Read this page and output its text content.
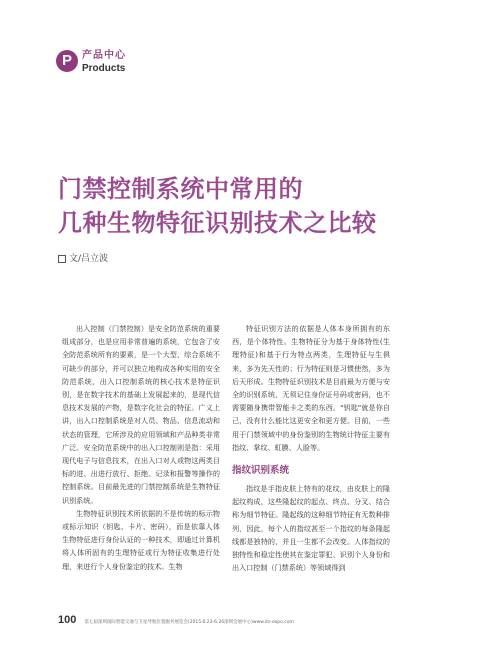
P	产品中心
Products
门禁控制系统中常用的
几种生物特征识别技术之比较
文/吕立波

出入控制（门禁控制）是安全防范系统的重要组成部分，也是应用非常普遍的系统，它包含了安全防范系统所有的要素，是一个大型、综合系统不可缺少的部分，并可以独立地构成各种实用的安全防范系统，出入口控制系统的核心技术是特征识别，是在数字技术的基础上发展起来的，是现代信息技术发展的产物，是数字化社会的特征。广义上讲，出入口控制系统是对人员、物品、信息流动和状态的管理，它所涉及的应用领域和产品种类非常广泛。安全防范系统中的出入口控制则是指：采用现代电子与信息技术，在出入口对人或物这两类目标的进、出进行放行、拒绝、记录和报警等操作的控制系统。目前最先进的门禁控制系统是生物特征识别系统。

生物特征识别技术所依据的不是传统的标示物或标示知识（钥匙、卡片、密码），而是依靠人体生物特征进行身份认证的一种技术，即通过计算机将人体所固有的生理特征或行为特征收集进行处理，来进行个人身份鉴定的技术。生物

特征识别方法的依据是人体本身所拥有的东西，是个体特性。生物特征分为基于身体特性(生理特征)和基于行为特点两类，生理特征与生俱来，多为先天性的；行为特征则是习惯使然，多为后天形成。生物特征识别技术是目前最为方便与安全的识别系统，无须记住身份证号码或密码，也不需要随身携带智能卡之类的东西。"钥匙"就是你自己，没有什么能比这更安全和更方便。目前，一些用于门禁领域中的身份鉴别的生物统计特征主要有指纹、掌纹、虹膜、人脸等。

指纹识别系统

指纹是手指皮肤上特有的花纹，由皮肤上的隆起纹构成，这些隆起纹的起点、终点、分叉、结合称为细节特征。隆起线的这种细节特征有无数种排列，因此，每个人的指纹甚至一个指纹的每条隆起线都是独特的，并且一生都不会改变。人体指纹的独特性和稳定性使其在鉴定罪犯、识别个人身份和出入口控制（门禁系统）等领域得到

100 第七届深圳国际智能交通与卫星导航位置服务展览会(2015.6.23-6.26深圳会展中心)www.its-expo.com
